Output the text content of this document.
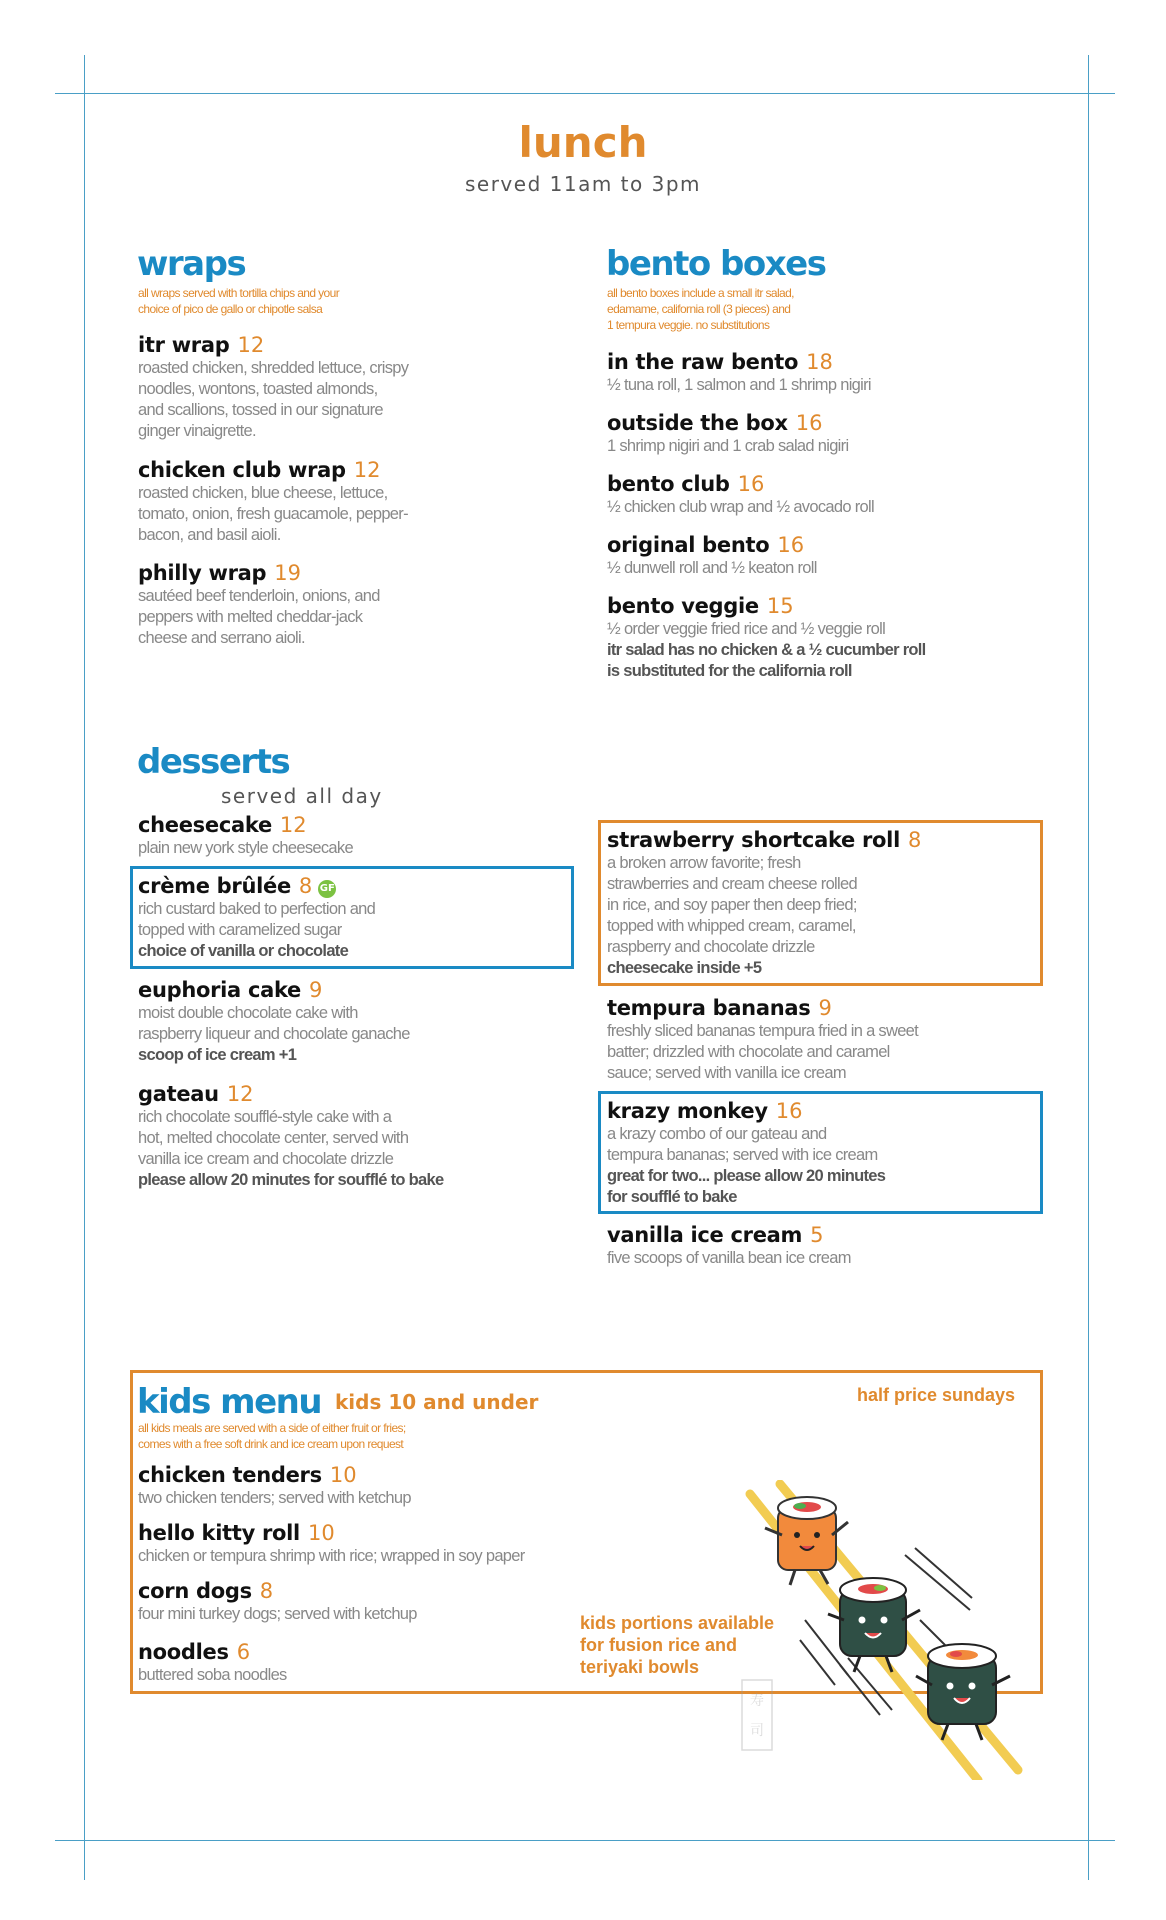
lunch
served 11am to 3pm
wraps
all wraps served with tortilla chips and your
choice of pico de gallo or chipotle salsa
itr wrap 12
roasted chicken, shredded lettuce, crispy
noodles, wontons, toasted almonds,
and scallions, tossed in our signature
ginger vinaigrette.
chicken club wrap 12
roasted chicken, blue cheese, lettuce,
tomato, onion, fresh guacamole, pepper-
bacon, and basil aioli.
philly wrap 19
sautéed beef tenderloin, onions, and
peppers with melted cheddar-jack
cheese and serrano aioli.
bento boxes
all bento boxes include a small itr salad,
edamame, california roll (3 pieces) and
1 tempura veggie. no substitutions
in the raw bento 18
½ tuna roll, 1 salmon and 1 shrimp nigiri
outside the box 16
1 shrimp nigiri and 1 crab salad nigiri
bento club 16
½ chicken club wrap and ½ avocado roll
original bento 16
½ dunwell roll and ½ keaton roll
bento veggie 15
½ order veggie fried rice and ½ veggie roll
itr salad has no chicken & a ½ cucumber roll
is substituted for the california roll
desserts
served all day
cheesecake 12
plain new york style cheesecake
crème brûlée 8 GF
rich custard baked to perfection and
topped with caramelized sugar
choice of vanilla or chocolate
euphoria cake 9
moist double chocolate cake with
raspberry liqueur and chocolate ganache
scoop of ice cream +1
gateau 12
rich chocolate soufflé-style cake with a
hot, melted chocolate center, served with
vanilla ice cream and chocolate drizzle
please allow 20 minutes for soufflé to bake
strawberry shortcake roll 8
a broken arrow favorite; fresh
strawberries and cream cheese rolled
in rice, and soy paper then deep fried;
topped with whipped cream, caramel,
raspberry and chocolate drizzle
cheesecake inside +5
tempura bananas 9
freshly sliced bananas tempura fried in a sweet
batter; drizzled with chocolate and caramel
sauce; served with vanilla ice cream
krazy monkey 16
a krazy combo of our gateau and
tempura bananas; served with ice cream
great for two... please allow 20 minutes
for soufflé to bake
vanilla ice cream 5
five scoops of vanilla bean ice cream
kids menu kids 10 and under	half price sundays
all kids meals are served with a side of either fruit or fries;
comes with a free soft drink and ice cream upon request
chicken tenders 10
two chicken tenders; served with ketchup
hello kitty roll 10
chicken or tempura shrimp with rice; wrapped in soy paper
corn dogs 8
four mini turkey dogs; served with ketchup
noodles 6
buttered soba noodles
kids portions available
for fusion rice and
teriyaki bowls
寿
司
